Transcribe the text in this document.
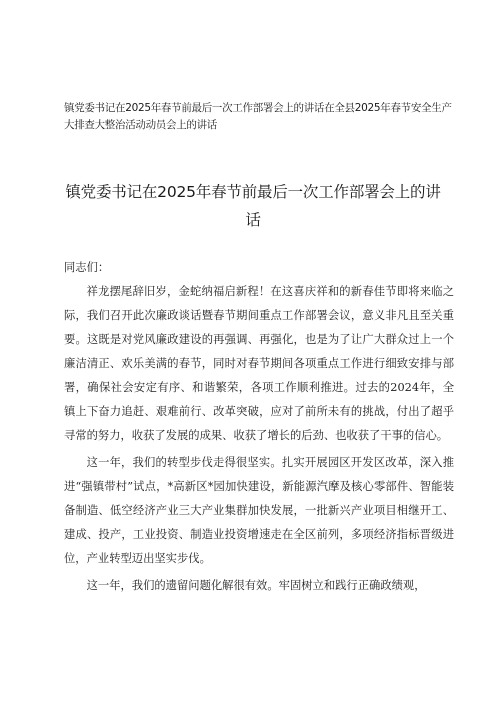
镇党委书记在2025年春节前最后一次工作部署会上的讲话在全县2025年春节安全生产大排查大整治活动动员会上的讲话
镇党委书记在2025年春节前最后一次工作部署会上的讲话

同志们：

祥龙摆尾辞旧岁，金蛇纳福启新程！在这喜庆祥和的新春佳节即将来临之际，我们召开此次廉政谈话暨春节期间重点工作部署会议，意义非凡且至关重要。这既是对党风廉政建设的再强调、再强化，也是为了让广大群众过上一个廉洁清正、欢乐美满的春节，同时对春节期间各项重点工作进行细致安排与部署，确保社会安定有序、和谐繁荣，各项工作顺利推进。过去的2024年，全镇上下奋力追赶、艰难前行、改革突破，应对了前所未有的挑战，付出了超乎寻常的努力，收获了发展的成果、收获了增长的后劲、也收获了干事的信心。

这一年，我们的转型步伐走得很坚实。扎实开展园区开发区改革，深入推进“强镇带村”试点，*高新区*园加快建设，新能源汽摩及核心零部件、智能装备制造、低空经济产业三大产业集群加快发展，一批新兴产业项目相继开工、建成、投产，工业投资、制造业投资增速走在全区前列，多项经济指标晋级进位，产业转型迈出坚实步伐。

这一年，我们的遗留问题化解很有效。牢固树立和践行正确政绩观，
